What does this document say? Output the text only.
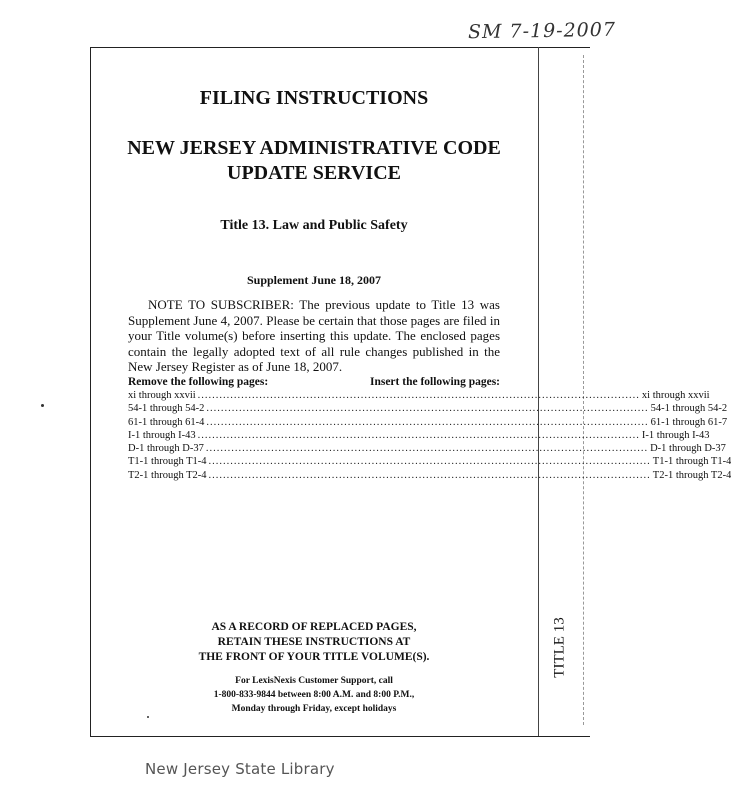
SM 7-19-2007
FILING INSTRUCTIONS
NEW JERSEY ADMINISTRATIVE CODE
UPDATE SERVICE
Title 13. Law and Public Safety
Supplement June 18, 2007
NOTE TO SUBSCRIBER: The previous update to Title 13 was Supplement June 4, 2007. Please be certain that those pages are filed in your Title volume(s) before inserting this update. The enclosed pages contain the legally adopted text of all rule changes published in the New Jersey Register as of June 18, 2007.
Remove the following pages:	Insert the following pages:
xi through xxvii .......................................................................................................................... xi through xxvii
54-1 through 54-2 .......................................................................................................................... 54-1 through 54-2
61-1 through 61-4 .......................................................................................................................... 61-1 through 61-7
I-1 through I-43 .......................................................................................................................... I-1 through I-43
D-1 through D-37 .......................................................................................................................... D-1 through D-37
T1-1 through T1-4 .......................................................................................................................... T1-1 through T1-4
T2-1 through T2-4 .......................................................................................................................... T2-1 through T2-4
AS A RECORD OF REPLACED PAGES,
RETAIN THESE INSTRUCTIONS AT
THE FRONT OF YOUR TITLE VOLUME(S).
For LexisNexis Customer Support, call
1-800-833-9844 between 8:00 A.M. and 8:00 P.M.,
Monday through Friday, except holidays
TITLE 13
New Jersey State Library
